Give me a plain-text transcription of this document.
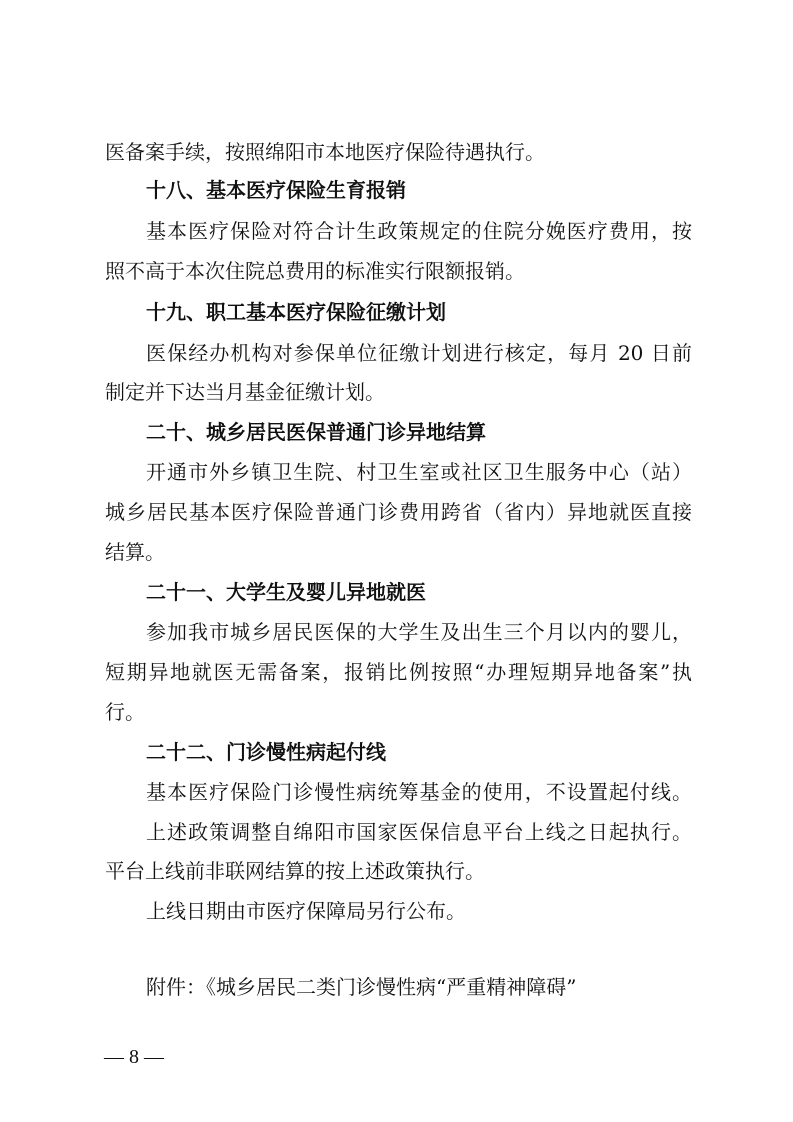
医备案手续，按照绵阳市本地医疗保险待遇执行。
十八、基本医疗保险生育报销
基本医疗保险对符合计生政策规定的住院分娩医疗费用，按
照不高于本次住院总费用的标准实行限额报销。
十九、职工基本医疗保险征缴计划
医保经办机构对参保单位征缴计划进行核定，每月 20 日前
制定并下达当月基金征缴计划。
二十、城乡居民医保普通门诊异地结算
开通市外乡镇卫生院、村卫生室或社区卫生服务中心（站）
城乡居民基本医疗保险普通门诊费用跨省（省内）异地就医直接
结算。
二十一、大学生及婴儿异地就医
参加我市城乡居民医保的大学生及出生三个月以内的婴儿，
短期异地就医无需备案，报销比例按照“办理短期异地备案”执
行。
二十二、门诊慢性病起付线
基本医疗保险门诊慢性病统筹基金的使用，不设置起付线。
上述政策调整自绵阳市国家医保信息平台上线之日起执行。
平台上线前非联网结算的按上述政策执行。
上线日期由市医疗保障局另行公布。
附件：《城乡居民二类门诊慢性病“严重精神障碍”
— 8 —
